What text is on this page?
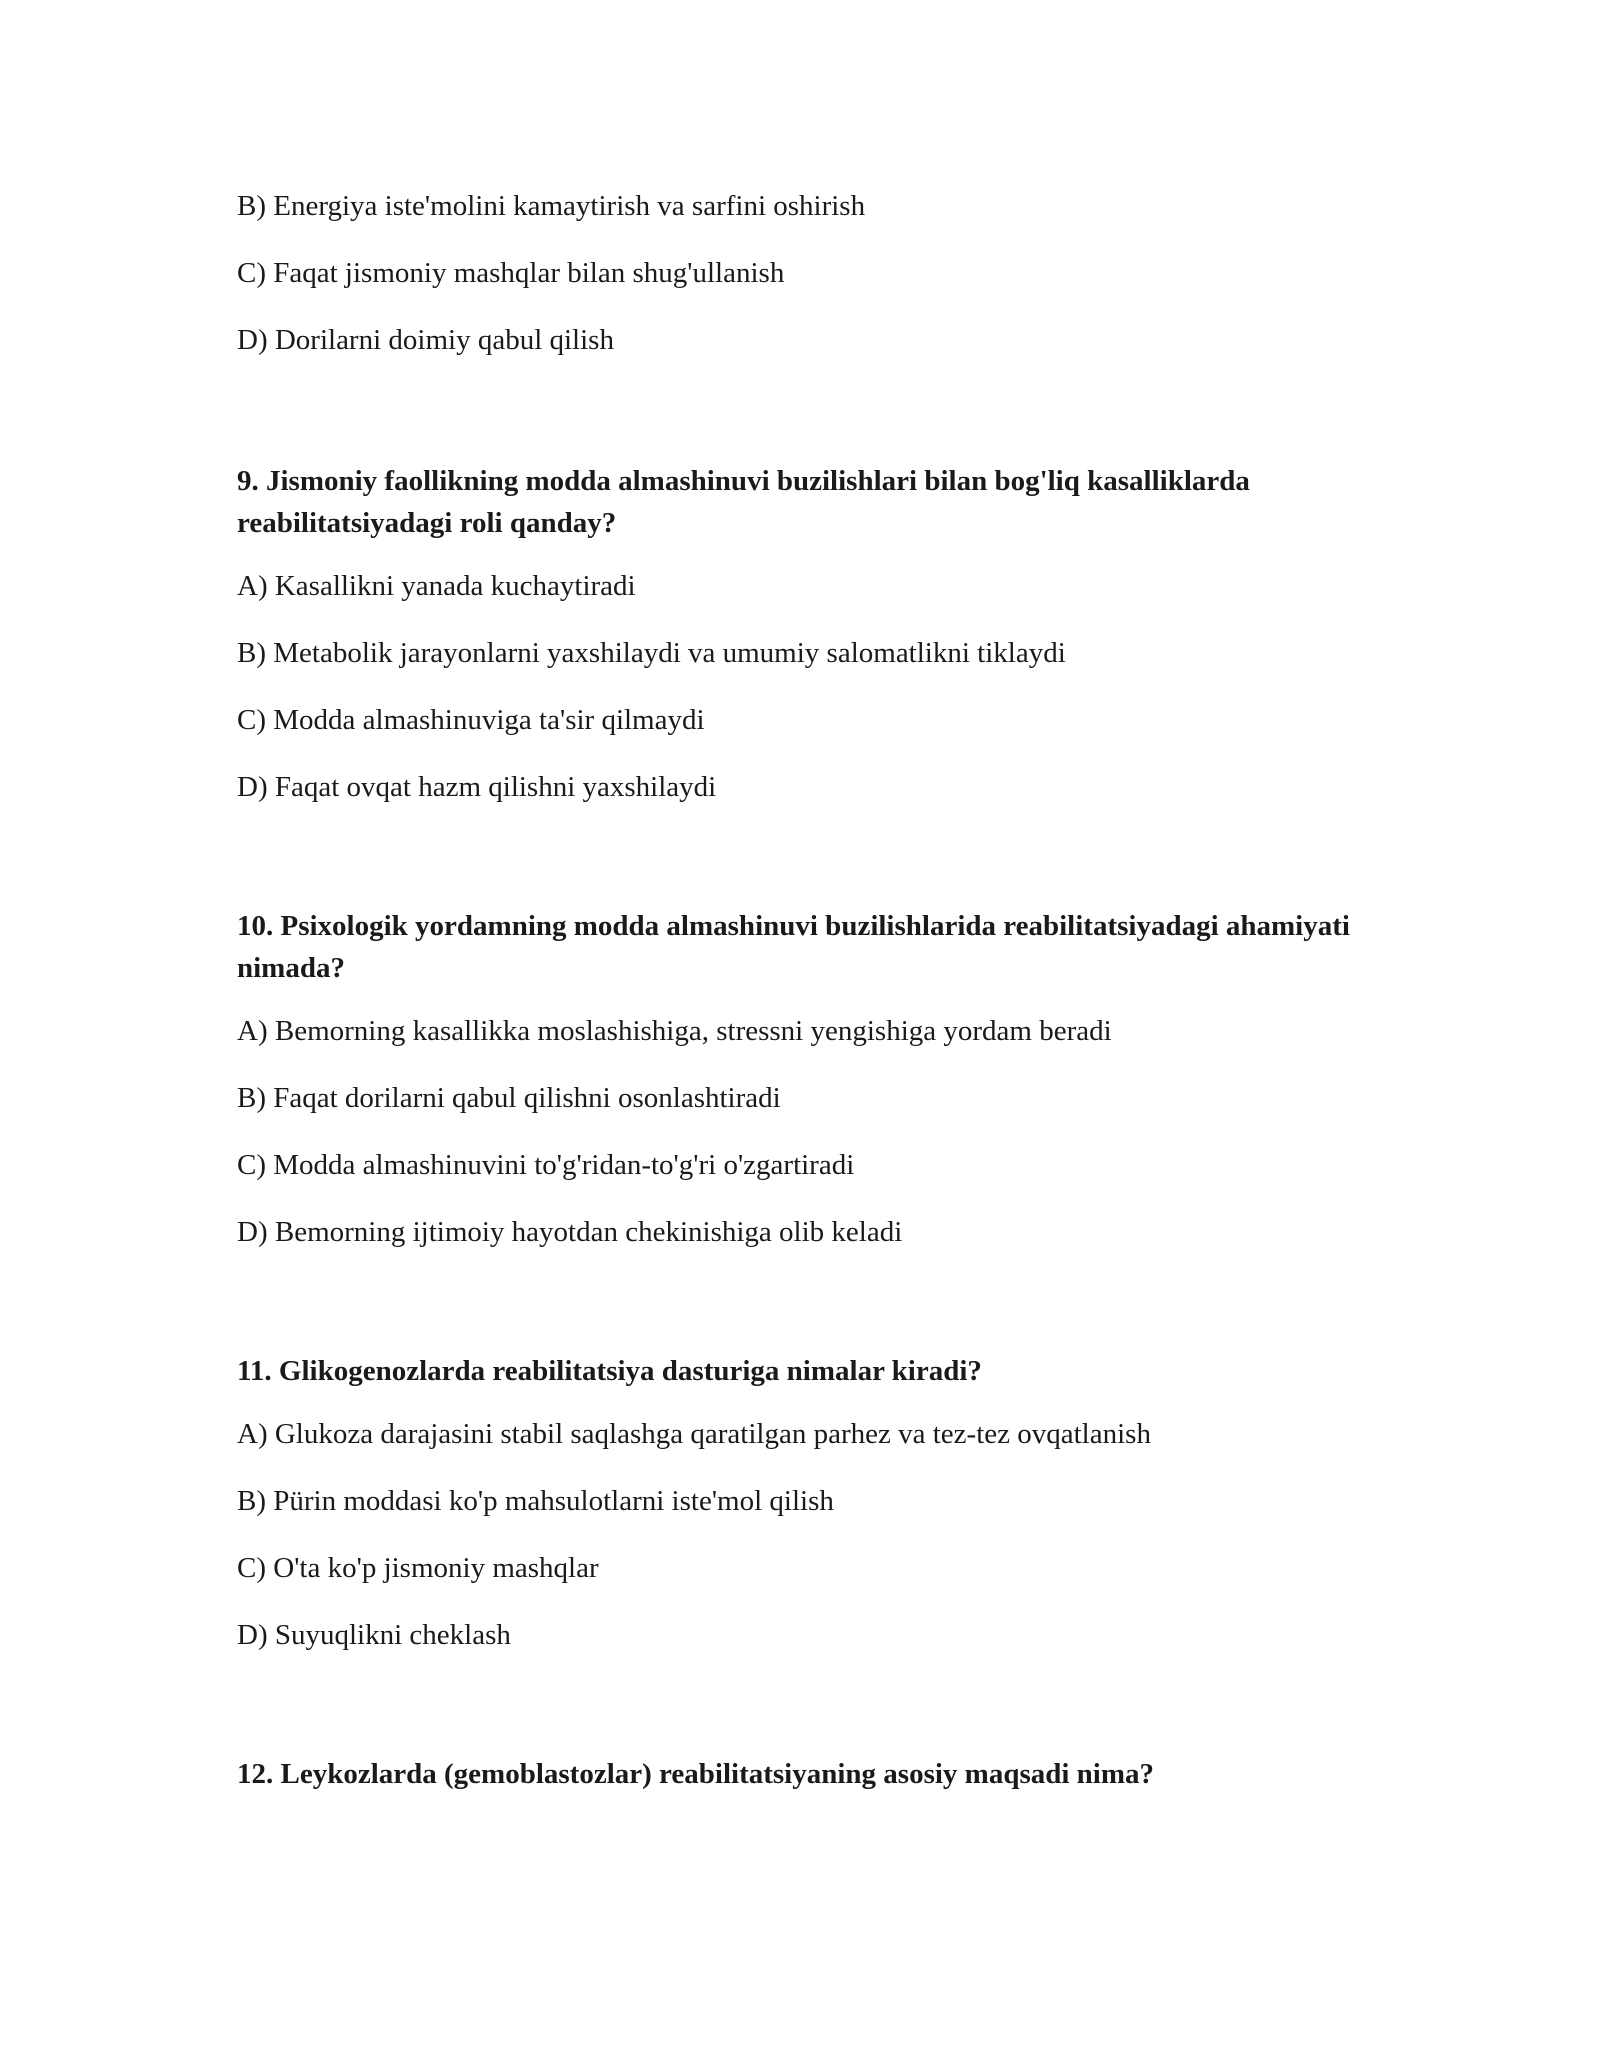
B) Energiya iste'molini kamaytirish va sarfini oshirish

C) Faqat jismoniy mashqlar bilan shug'ullanish

D) Dorilarni doimiy qabul qilish

9. Jismoniy faollikning modda almashinuvi buzilishlari bilan bog'liq kasalliklarda reabilitatsiyadagi roli qanday?

A) Kasallikni yanada kuchaytiradi

B) Metabolik jarayonlarni yaxshilaydi va umumiy salomatlikni tiklaydi

C) Modda almashinuviga ta'sir qilmaydi

D) Faqat ovqat hazm qilishni yaxshilaydi

10. Psixologik yordamning modda almashinuvi buzilishlarida reabilitatsiyadagi ahamiyati nimada?

A) Bemorning kasallikka moslashishiga, stressni yengishiga yordam beradi

B) Faqat dorilarni qabul qilishni osonlashtiradi

C) Modda almashinuvini to'g'ridan-to'g'ri o'zgartiradi

D) Bemorning ijtimoiy hayotdan chekinishiga olib keladi

11. Glikogenozlarda reabilitatsiya dasturiga nimalar kiradi?

A) Glukoza darajasini stabil saqlashga qaratilgan parhez va tez-tez ovqatlanish

B) Pürin moddasi ko'p mahsulotlarni iste'mol qilish

C) O'ta ko'p jismoniy mashqlar

D) Suyuqlikni cheklash

12. Leykozlarda (gemoblastozlar) reabilitatsiyaning asosiy maqsadi nima?
